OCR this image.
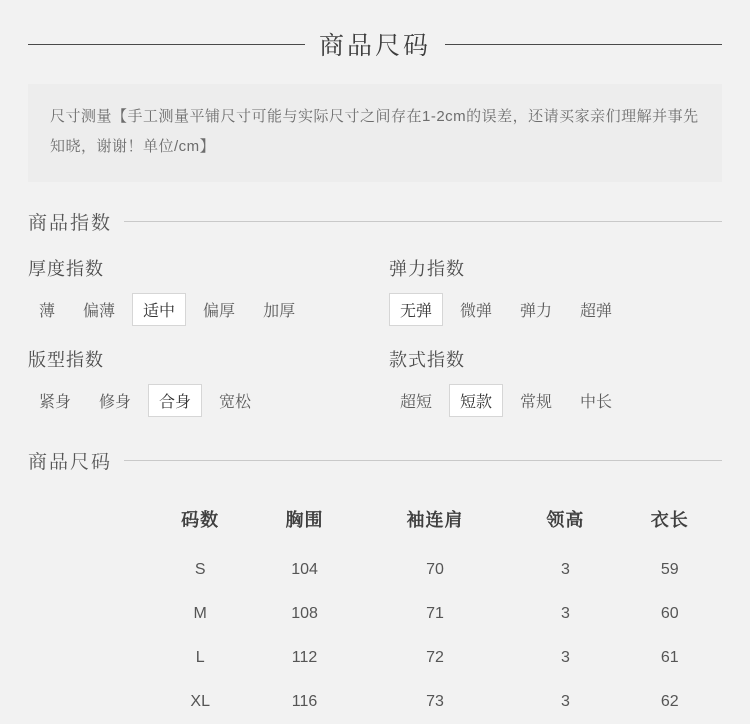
商品尺码

尺寸测量【手工测量平铺尺寸可能与实际尺寸之间存在1-2cm的误差，还请买家亲们理解并事先知晓，谢谢！单位/cm】

商品指数
厚度指数
薄	偏薄	适中	偏厚	加厚
弹力指数
无弹	微弹	弹力	超弹
版型指数
紧身	修身	合身	宽松
款式指数
超短	短款	常规	中长
商品尺码
	码数	胸围	袖连肩	领高	衣长
	S	104	70	3	59
	M	108	71	3	60
	L	112	72	3	61
	XL	116	73	3	62
